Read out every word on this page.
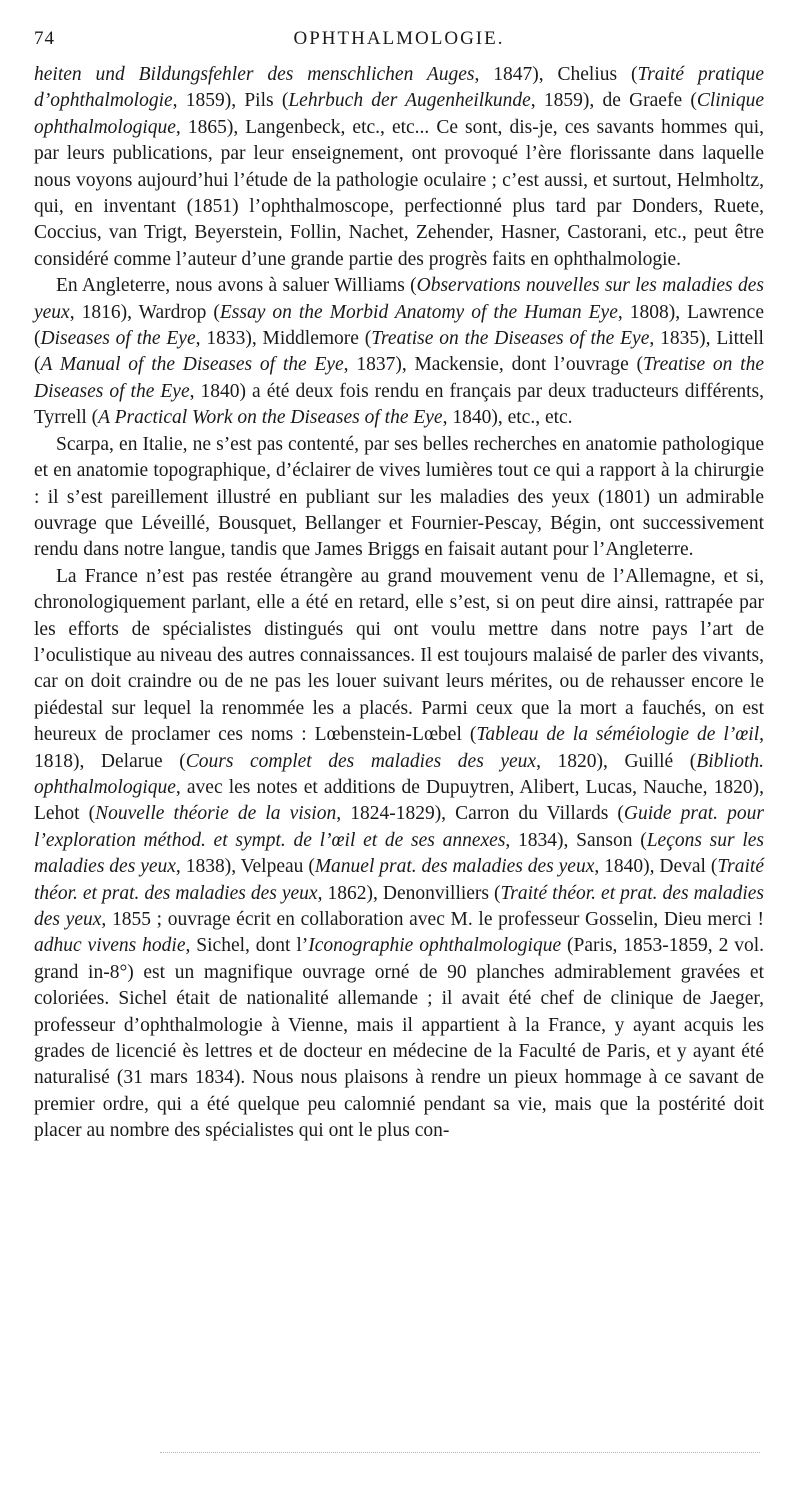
74	OPHTHALMOLOGIE.

heiten und Bildungsfehler des menschlichen Auges, 1847), Chelius (Traité pratique d’ophthalmologie, 1859), Pils (Lehrbuch der Augenheilkunde, 1859), de Graefe (Clinique ophthalmologique, 1865), Langenbeck, etc., etc... Ce sont, dis-je, ces savants hommes qui, par leurs publications, par leur enseignement, ont provoqué l’ère florissante dans laquelle nous voyons aujourd’hui l’étude de la pathologie oculaire ; c’est aussi, et surtout, Helmholtz, qui, en inventant (1851) l’ophthalmoscope, perfectionné plus tard par Donders, Ruete, Coccius, van Trigt, Beyerstein, Follin, Nachet, Zehender, Hasner, Castorani, etc., peut être considéré comme l’auteur d’une grande partie des progrès faits en ophthalmologie.

En Angleterre, nous avons à saluer Williams (Observations nouvelles sur les maladies des yeux, 1816), Wardrop (Essay on the Morbid Anatomy of the Human Eye, 1808), Lawrence (Diseases of the Eye, 1833), Middlemore (Treatise on the Diseases of the Eye, 1835), Littell (A Manual of the Diseases of the Eye, 1837), Mackensie, dont l’ouvrage (Treatise on the Diseases of the Eye, 1840) a été deux fois rendu en français par deux traducteurs différents, Tyrrell (A Practical Work on the Diseases of the Eye, 1840), etc., etc.

Scarpa, en Italie, ne s’est pas contenté, par ses belles recherches en anatomie pathologique et en anatomie topographique, d’éclairer de vives lumières tout ce qui a rapport à la chirurgie : il s’est pareillement illustré en publiant sur les maladies des yeux (1801) un admirable ouvrage que Léveillé, Bousquet, Bellanger et Fournier-Pescay, Bégin, ont successivement rendu dans notre langue, tandis que James Briggs en faisait autant pour l’Angleterre.

La France n’est pas restée étrangère au grand mouvement venu de l’Allemagne, et si, chronologiquement parlant, elle a été en retard, elle s’est, si on peut dire ainsi, rattrapée par les efforts de spécialistes distingués qui ont voulu mettre dans notre pays l’art de l’oculistique au niveau des autres connaissances. Il est toujours malaisé de parler des vivants, car on doit craindre ou de ne pas les louer suivant leurs mérites, ou de rehausser encore le piédestal sur lequel la renommée les a placés. Parmi ceux que la mort a fauchés, on est heureux de proclamer ces noms : Lœbenstein-Lœbel (Tableau de la séméiologie de l’œil, 1818), Delarue (Cours complet des maladies des yeux, 1820), Guillé (Biblioth. ophthalmologique, avec les notes et additions de Dupuytren, Alibert, Lucas, Nauche, 1820), Lehot (Nouvelle théorie de la vision, 1824-1829), Carron du Villards (Guide prat. pour l’exploration méthod. et sympt. de l’œil et de ses annexes, 1834), Sanson (Leçons sur les maladies des yeux, 1838), Velpeau (Manuel prat. des maladies des yeux, 1840), Deval (Traité théor. et prat. des maladies des yeux, 1862), Denonvilliers (Traité théor. et prat. des maladies des yeux, 1855 ; ouvrage écrit en collaboration avec M. le professeur Gosselin, Dieu merci ! adhuc vivens hodie, Sichel, dont l’Iconographie ophthalmologique (Paris, 1853-1859, 2 vol. grand in-8°) est un magnifique ouvrage orné de 90 planches admirablement gravées et coloriées. Sichel était de nationalité allemande ; il avait été chef de clinique de Jaeger, professeur d’ophthalmologie à Vienne, mais il appartient à la France, y ayant acquis les grades de licencié ès lettres et de docteur en médecine de la Faculté de Paris, et y ayant été naturalisé (31 mars 1834). Nous nous plaisons à rendre un pieux hommage à ce savant de premier ordre, qui a été quelque peu calomnié pendant sa vie, mais que la postérité doit placer au nombre des spécialistes qui ont le plus con-
